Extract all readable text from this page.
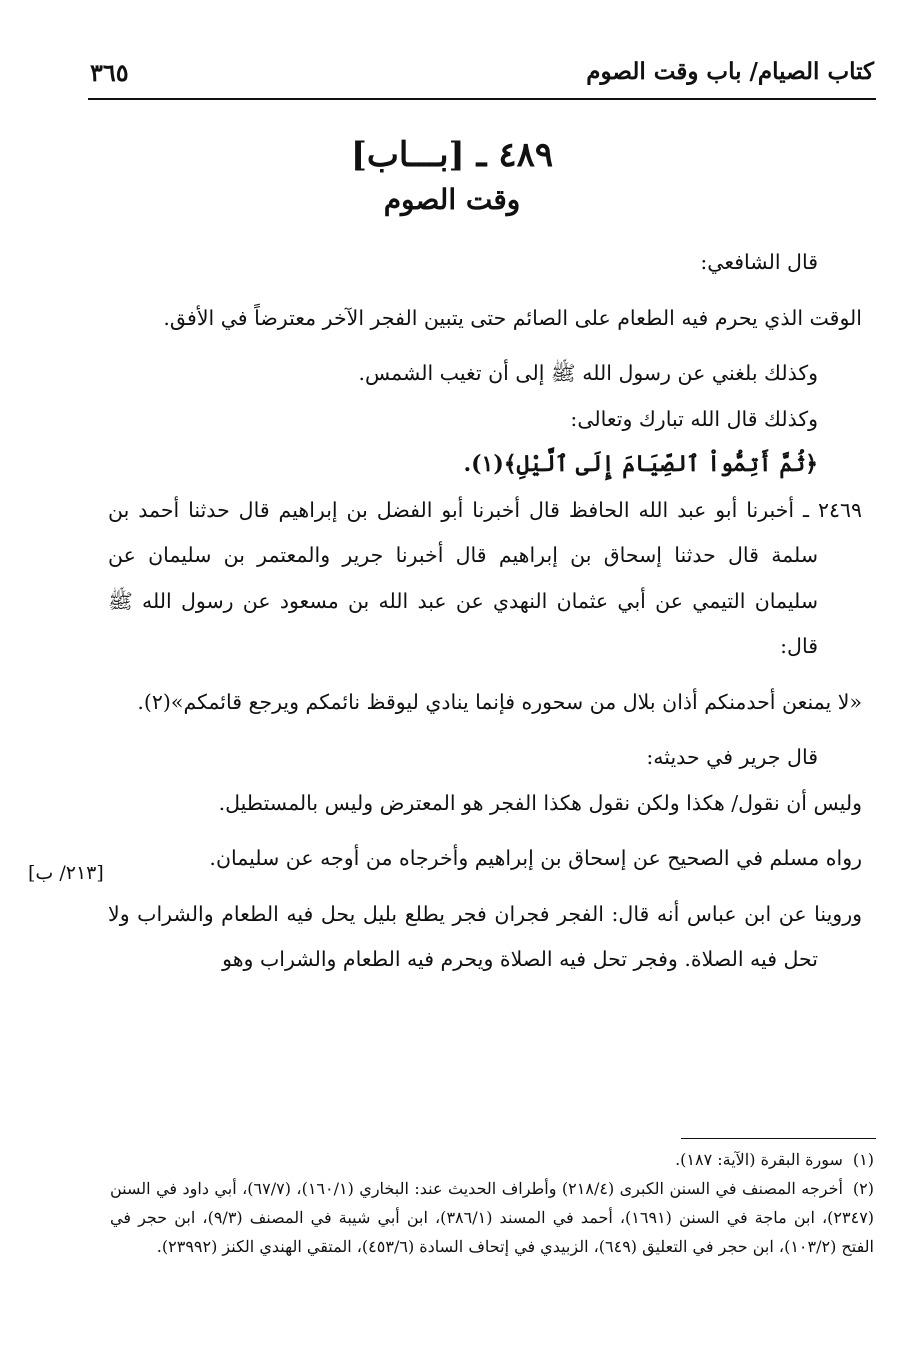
كتاب الصيام/ باب وقت الصوم
٣٦٥
٤٨٩ ـ [بـــاب]
وقت الصوم

قال الشافعي:

الوقت الذي يحرم فيه الطعام على الصائم حتى يتبين الفجر الآخر معترضاً في الأفق.

وكذلك بلغني عن رسول الله ﷺ إلى أن تغيب الشمس.

وكذلك قال الله تبارك وتعالى:

﴿ثُمَّ أَتِمُّواْ ٱلصِّيَامَ إِلَى ٱلَّيْلِ﴾(١).

٢٤٦٩ ـ أخبرنا أبو عبد الله الحافظ قال أخبرنا أبو الفضل بن إبراهيم قال حدثنا أحمد بن سلمة قال حدثنا إسحاق بن إبراهيم قال أخبرنا جرير والمعتمر بن سليمان عن سليمان التيمي عن أبي عثمان النهدي عن عبد الله بن مسعود عن رسول الله ﷺ قال:

«لا يمنعن أحدمنكم أذان بلال من سحوره فإنما ينادي ليوقظ نائمكم ويرجع قائمكم»(٢).

قال جرير في حديثه:

وليس أن نقول/ هكذا ولكن نقول هكذا الفجر هو المعترض وليس بالمستطيل.

رواه مسلم في الصحيح عن إسحاق بن إبراهيم وأخرجاه من أوجه عن سليمان.

وروينا عن ابن عباس أنه قال: الفجر فجران فجر يطلع بليل يحل فيه الطعام والشراب ولا تحل فيه الصلاة. وفجر تحل فيه الصلاة ويحرم فيه الطعام والشراب وهو

[٢١٣/ ب]

(١)سورة البقرة (الآية: ١٨٧).

(٢)أخرجه المصنف في السنن الكبرى (٢١٨/٤) وأطراف الحديث عند: البخاري (١٦٠/١)، (٦٧/٧)، أبي داود في السنن (٢٣٤٧)، ابن ماجة في السنن (١٦٩١)، أحمد في المسند (٣٨٦/١)، ابن أبي شيبة في المصنف (٩/٣)، ابن حجر في الفتح (١٠٣/٢)، ابن حجر في التعليق (٦٤٩)، الزبيدي في إتحاف السادة (٤٥٣/٦)، المتقي الهندي الكنز (٢٣٩٩٢).
